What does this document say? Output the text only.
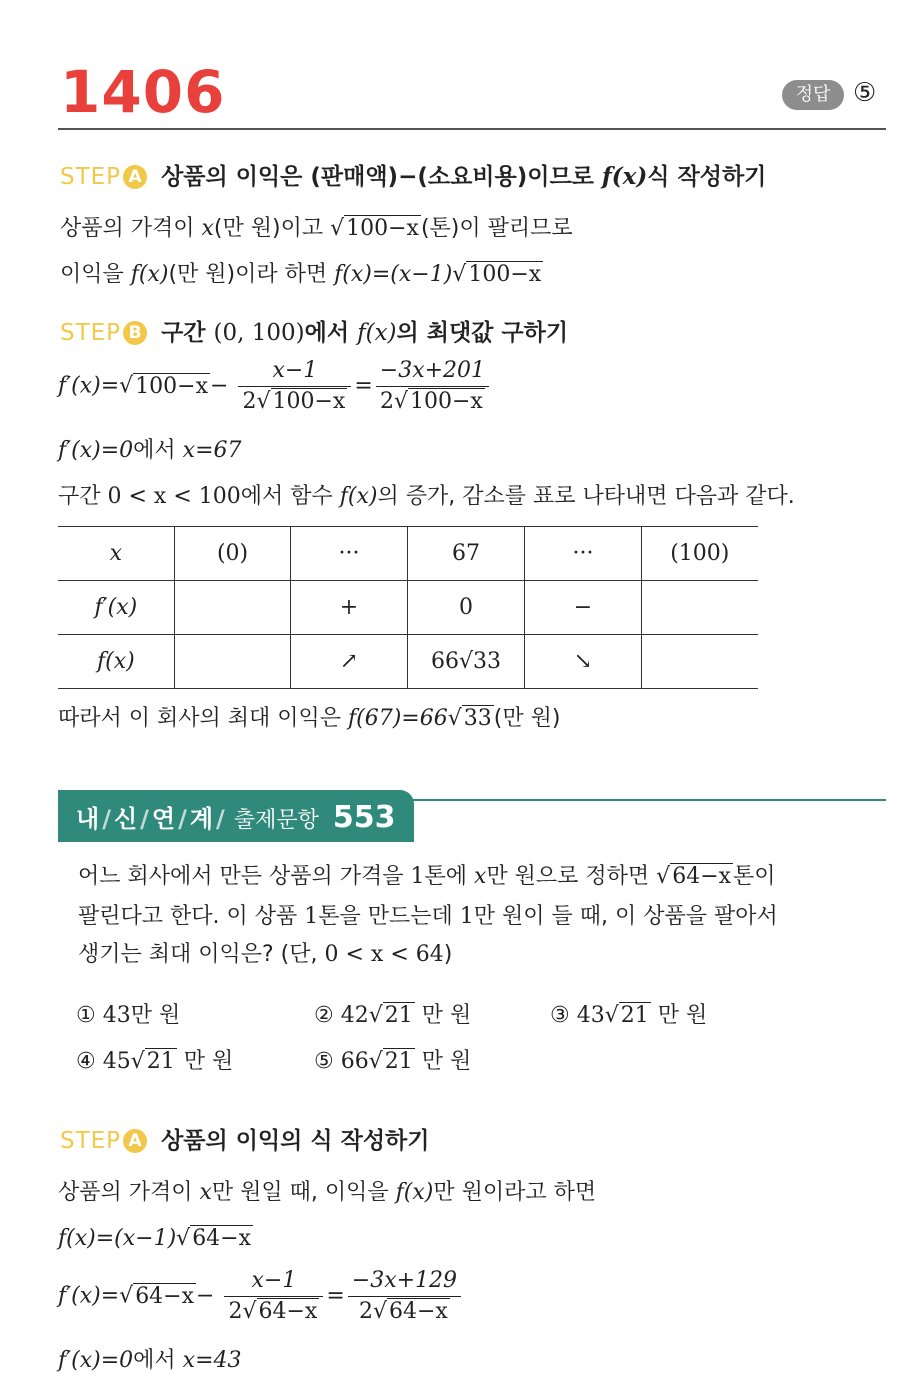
1406	정답 ⑤
STEP A 상품의 이익은 (판매액)−(소요비용)이므로 f(x)식 작성하기
상품의 가격이 x(만 원)이고 √100−x(톤)이 팔리므로
이익을 f(x)(만 원)이라 하면 f(x)=(x−1)√100−x
STEP B 구간 (0, 100)에서 f(x)의 최댓값 구하기
$f'(x)=√100-x- \frac{x-1}{2√100-x} = \frac{-3x+201}{2√100-x}$
f′(x)=0에서 x=67
구간 0 < x < 100에서 함수 f(x)의 증가, 감소를 표로 나타내면 다음과 같다.
x	(0)	···	67	···	(100)
f′(x)		+	0	−	
f(x)		↗	66√33	↘	
따라서 이 회사의 최대 이익은 f(67)=66√33(만 원)
내 / 신 / 연 / 계 / 출제문항 553
어느 회사에서 만든 상품의 가격을 1톤에 x만 원으로 정하면 √64−x톤이
팔린다고 한다. 이 상품 1톤을 만드는데 1만 원이 들 때, 이 상품을 팔아서
생기는 최대 이익은? (단, 0 < x < 64)
① 43만 원	② 42√21 만 원	③ 43√21 만 원
④ 45√21 만 원	⑤ 66√21 만 원
STEP A 상품의 이익의 식 작성하기
상품의 가격이 x만 원일 때, 이익을 f(x)만 원이라고 하면
f(x)=(x−1)√64−x
$f'(x)=√64-x- \frac{x-1}{2√64-x} = \frac{-3x+129}{2√64-x}$
f′(x)=0에서 x=43
